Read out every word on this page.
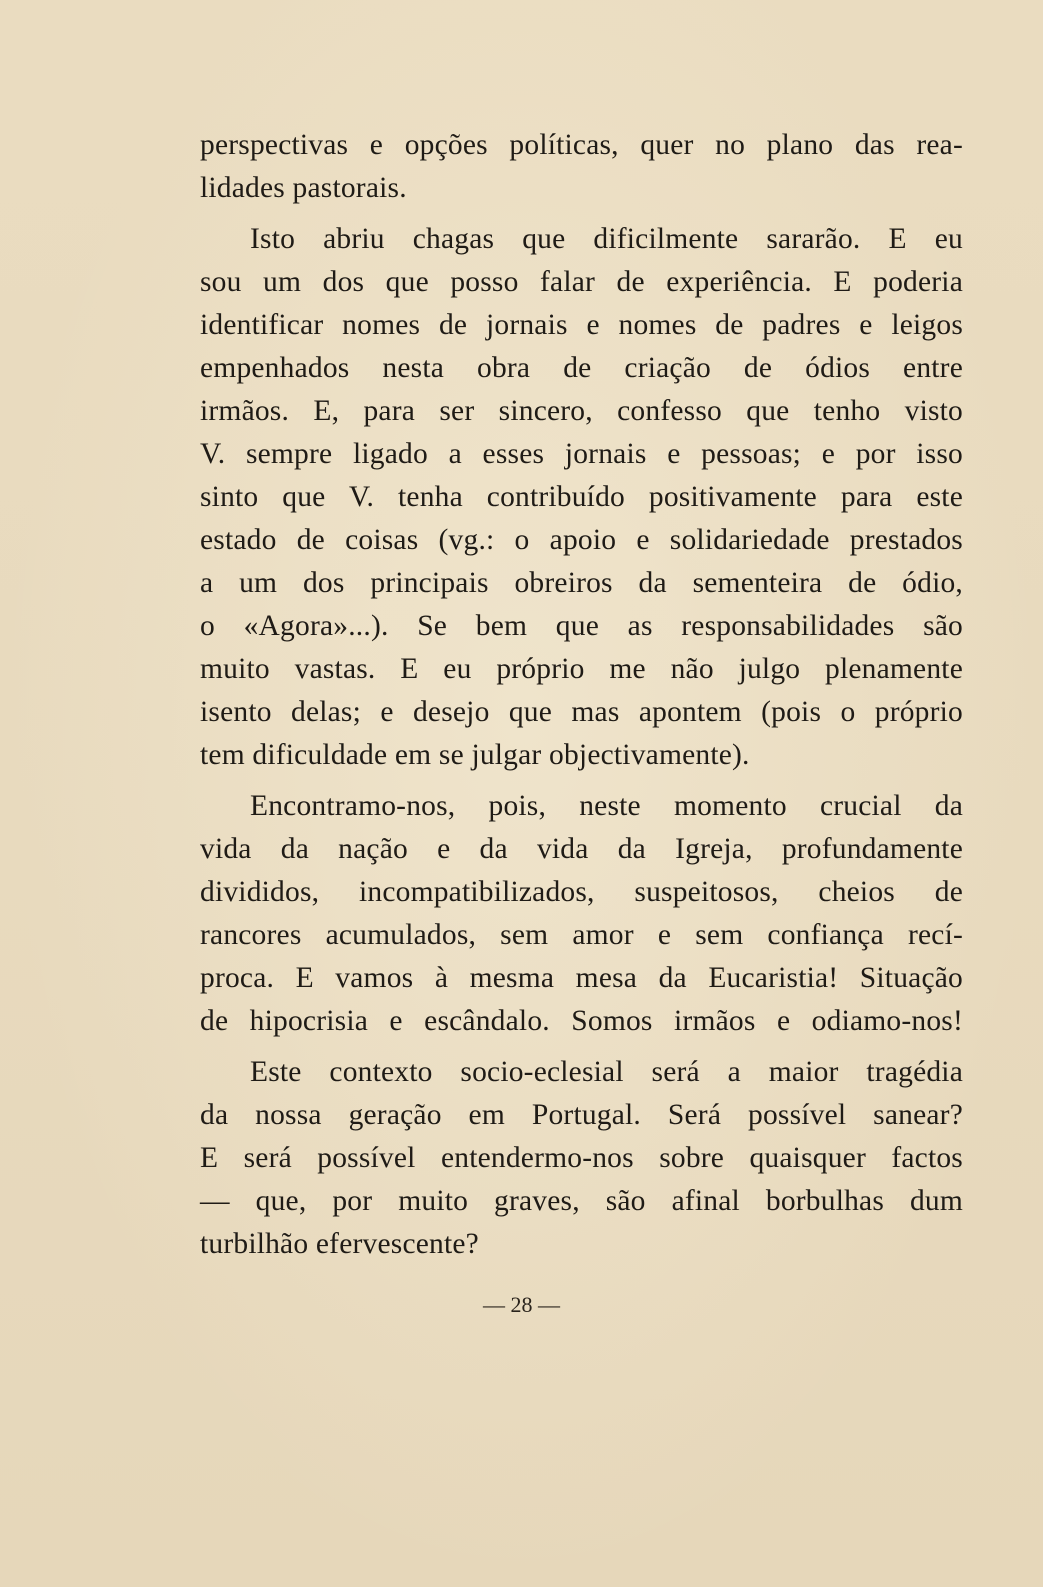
perspectivas e opções políticas, quer no plano das rea-
lidades pastorais.
Isto abriu chagas que dificilmente sararão. E eu
sou um dos que posso falar de experiência. E poderia
identificar nomes de jornais e nomes de padres e leigos
empenhados nesta obra de criação de ódios entre
irmãos. E, para ser sincero, confesso que tenho visto
V. sempre ligado a esses jornais e pessoas; e por isso
sinto que V. tenha contribuído positivamente para este
estado de coisas (vg.: o apoio e solidariedade prestados
a um dos principais obreiros da sementeira de ódio,
o «Agora»...). Se bem que as responsabilidades são
muito vastas. E eu próprio me não julgo plenamente
isento delas; e desejo que mas apontem (pois o próprio
tem dificuldade em se julgar objectivamente).
Encontramo-nos, pois, neste momento crucial da
vida da nação e da vida da Igreja, profundamente
divididos, incompatibilizados, suspeitosos, cheios de
rancores acumulados, sem amor e sem confiança recí-
proca. E vamos à mesma mesa da Eucaristia! Situação
de hipocrisia e escândalo. Somos irmãos e odiamo-nos!
Este contexto socio-eclesial será a maior tragédia
da nossa geração em Portugal. Será possível sanear?
E será possível entendermo-nos sobre quaisquer factos
— que, por muito graves, são afinal borbulhas dum
turbilhão efervescente?
— 28 —
